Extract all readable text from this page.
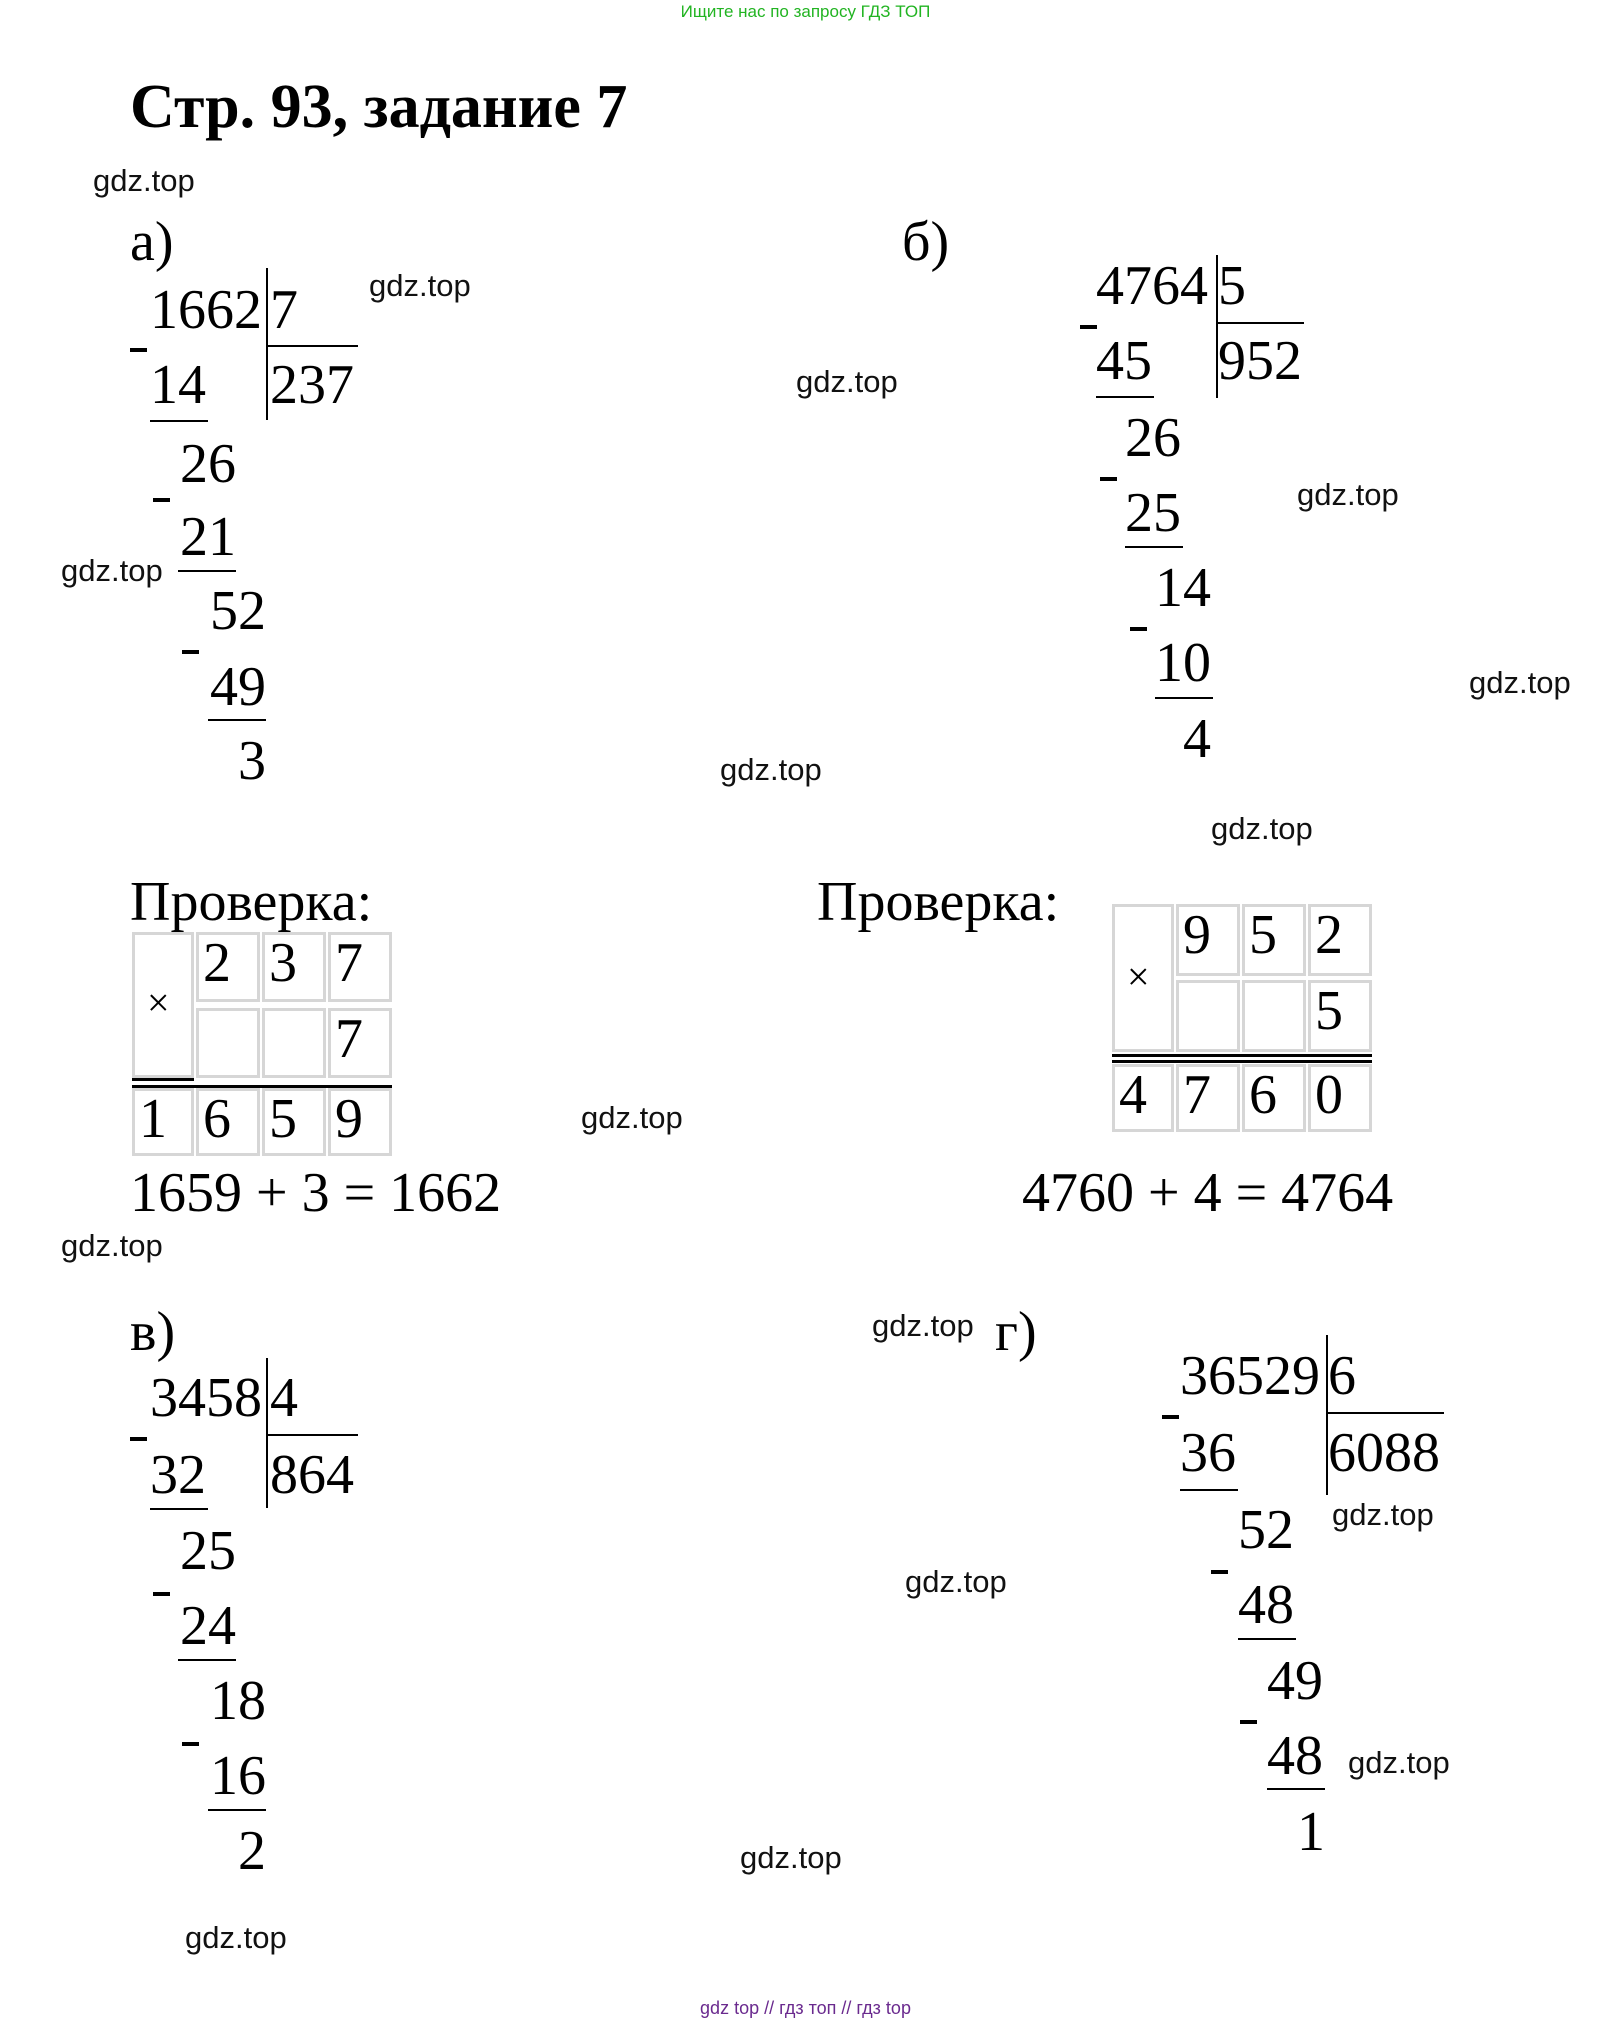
Ищите нас по запросу ГДЗ ТОП
Стр. 93, задание 7
gdz.top
gdz.top
gdz.top
gdz.top
gdz.top
gdz.top
gdz.top
gdz.top
gdz.top
gdz.top
gdz.top
gdz.top
gdz.top
gdz.top
gdz.top
gdz.top
а)
1662 7
237
14
26
21
52
49
3
б)
4764 5
952
45
26
25
14
10
4
Проверка:
×
2 3 7
7
1 6 5 9
1659 + 3 = 1662
Проверка:
×
9 5 2
5
4 7 6 0
4760 + 4 = 4764
в)
3458 4
864
32
25
24
18
16
2
г)
36529 6
6088
36
52
48
49
48
1
gdz top // гдз топ // гдз top
